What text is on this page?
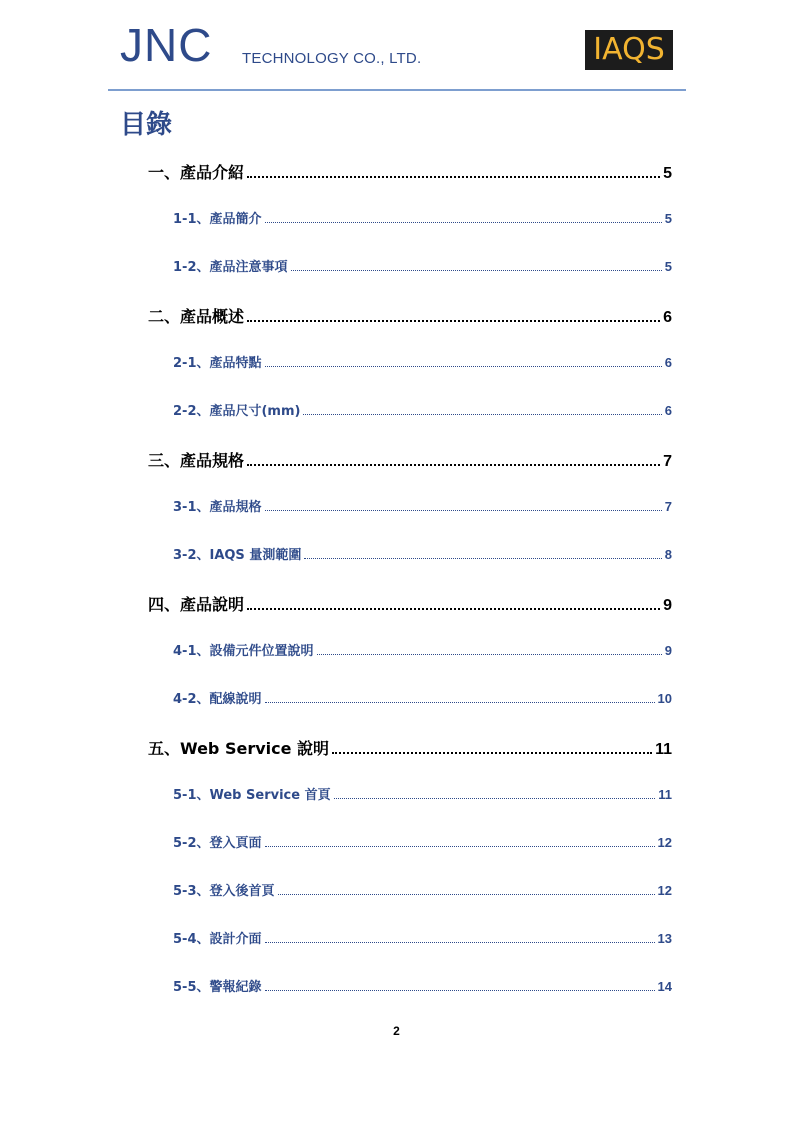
JNC TECHNOLOGY CO., LTD.	IAQS
目錄
一、產品介紹	5
1-1、產品簡介	5
1-2、產品注意事項	5
二、產品概述	6
2-1、產品特點	6
2-2、產品尺寸(mm)	6
三、產品規格	7
3-1、產品規格	7
3-2、IAQS 量測範圍	8
四、產品說明	9
4-1、設備元件位置說明	9
4-2、配線說明	10
五、Web Service 說明	11
5-1、Web Service 首頁	11
5-2、登入頁面	12
5-3、登入後首頁	12
5-4、設計介面	13
5-5、警報紀錄	14
2
